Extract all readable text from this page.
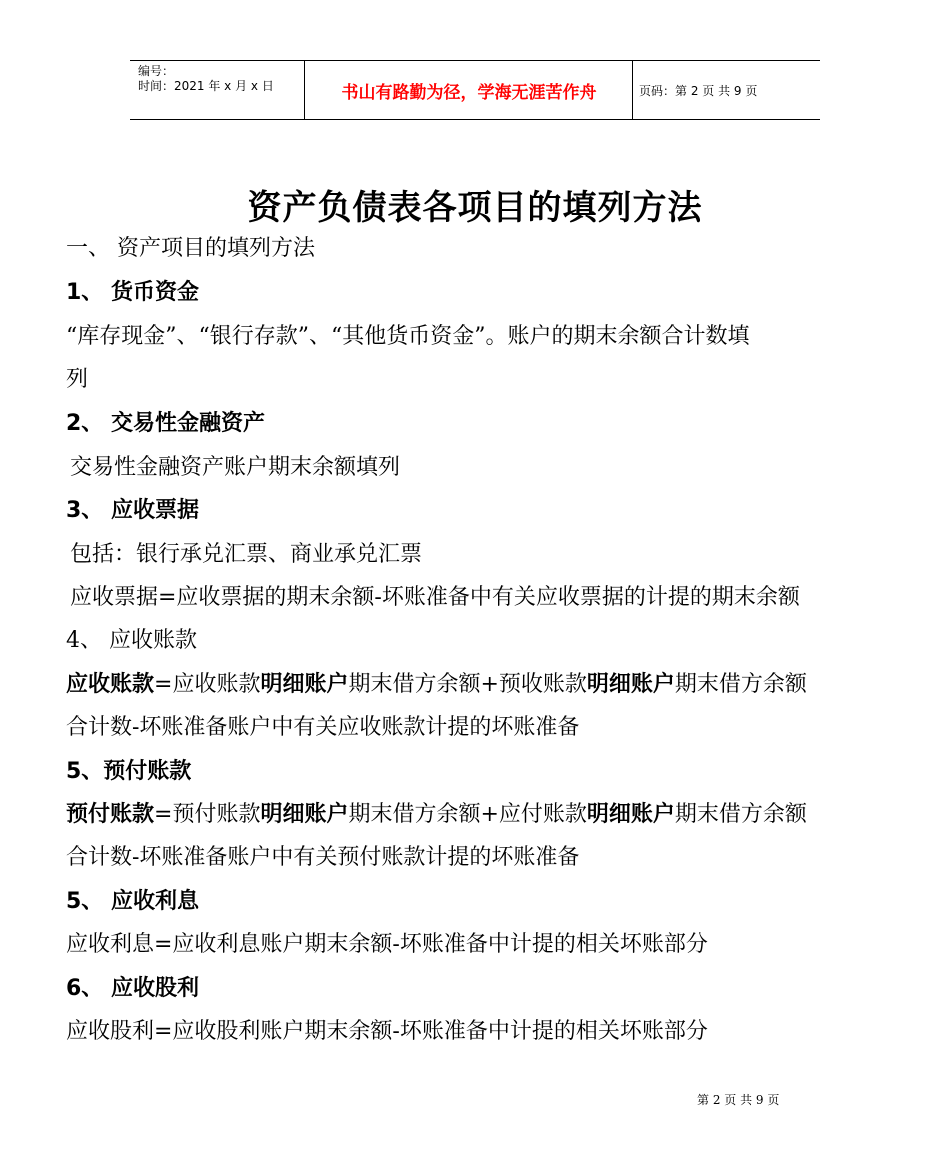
编号：
时间：2021 年 x 月 x 日	书山有路勤为径，学海无涯苦作舟	页码：第 2 页 共 9 页
资产负债表各项目的填列方法
一、 资产项目的填列方法
1、 货币资金
“库存现金”、“银行存款”、“其他货币资金”。账户的期末余额合计数填
列
2、 交易性金融资产
交易性金融资产账户期末余额填列
3、 应收票据
包括：银行承兑汇票、商业承兑汇票
应收票据=应收票据的期末余额-坏账准备中有关应收票据的计提的期末余额
4、 应收账款
应收账款=应收账款明细账户期末借方余额+预收账款明细账户期末借方余额
合计数-坏账准备账户中有关应收账款计提的坏账准备
5、预付账款
预付账款=预付账款明细账户期末借方余额+应付账款明细账户期末借方余额
合计数-坏账准备账户中有关预付账款计提的坏账准备
5、 应收利息
应收利息=应收利息账户期末余额-坏账准备中计提的相关坏账部分
6、 应收股利
应收股利=应收股利账户期末余额-坏账准备中计提的相关坏账部分
第 2 页 共 9 页
